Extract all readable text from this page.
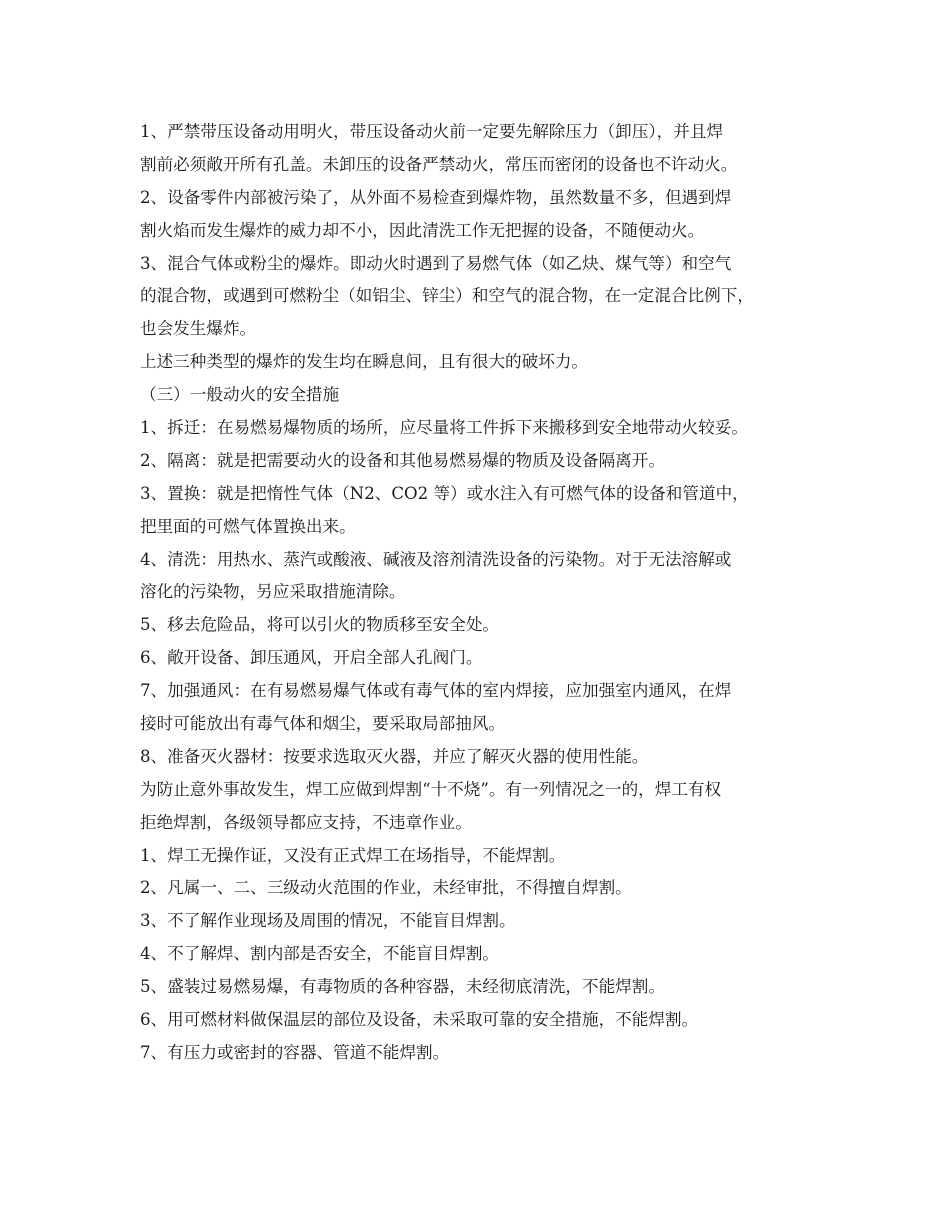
1、严禁带压设备动用明火，带压设备动火前一定要先解除压力（卸压），并且焊
割前必须敞开所有孔盖。未卸压的设备严禁动火，常压而密闭的设备也不许动火。
2、设备零件内部被污染了，从外面不易检查到爆炸物，虽然数量不多，但遇到焊
割火焰而发生爆炸的威力却不小，因此清洗工作无把握的设备，不随便动火。
3、混合气体或粉尘的爆炸。即动火时遇到了易燃气体（如乙炔、煤气等）和空气
的混合物，或遇到可燃粉尘（如铝尘、锌尘）和空气的混合物，在一定混合比例下，
也会发生爆炸。
上述三种类型的爆炸的发生均在瞬息间，且有很大的破坏力。
（三）一般动火的安全措施
1、拆迁：在易燃易爆物质的场所，应尽量将工件拆下来搬移到安全地带动火较妥。
2、隔离：就是把需要动火的设备和其他易燃易爆的物质及设备隔离开。
3、置换：就是把惰性气体（N2、CO2 等）或水注入有可燃气体的设备和管道中，
把里面的可燃气体置换出来。
4、清洗：用热水、蒸汽或酸液、碱液及溶剂清洗设备的污染物。对于无法溶解或
溶化的污染物，另应采取措施清除。
5、移去危险品，将可以引火的物质移至安全处。
6、敞开设备、卸压通风，开启全部人孔阀门。
7、加强通风：在有易燃易爆气体或有毒气体的室内焊接，应加强室内通风，在焊
接时可能放出有毒气体和烟尘，要采取局部抽风。
8、准备灭火器材：按要求选取灭火器，并应了解灭火器的使用性能。
为防止意外事故发生，焊工应做到焊割“十不烧”。有一列情况之一的，焊工有权
拒绝焊割，各级领导都应支持，不违章作业。
1、焊工无操作证，又没有正式焊工在场指导，不能焊割。
2、凡属一、二、三级动火范围的作业，未经审批，不得擅自焊割。
3、不了解作业现场及周围的情况，不能盲目焊割。
4、不了解焊、割内部是否安全，不能盲目焊割。
5、盛装过易燃易爆，有毒物质的各种容器，未经彻底清洗，不能焊割。
6、用可燃材料做保温层的部位及设备，未采取可靠的安全措施，不能焊割。
7、有压力或密封的容器、管道不能焊割。
